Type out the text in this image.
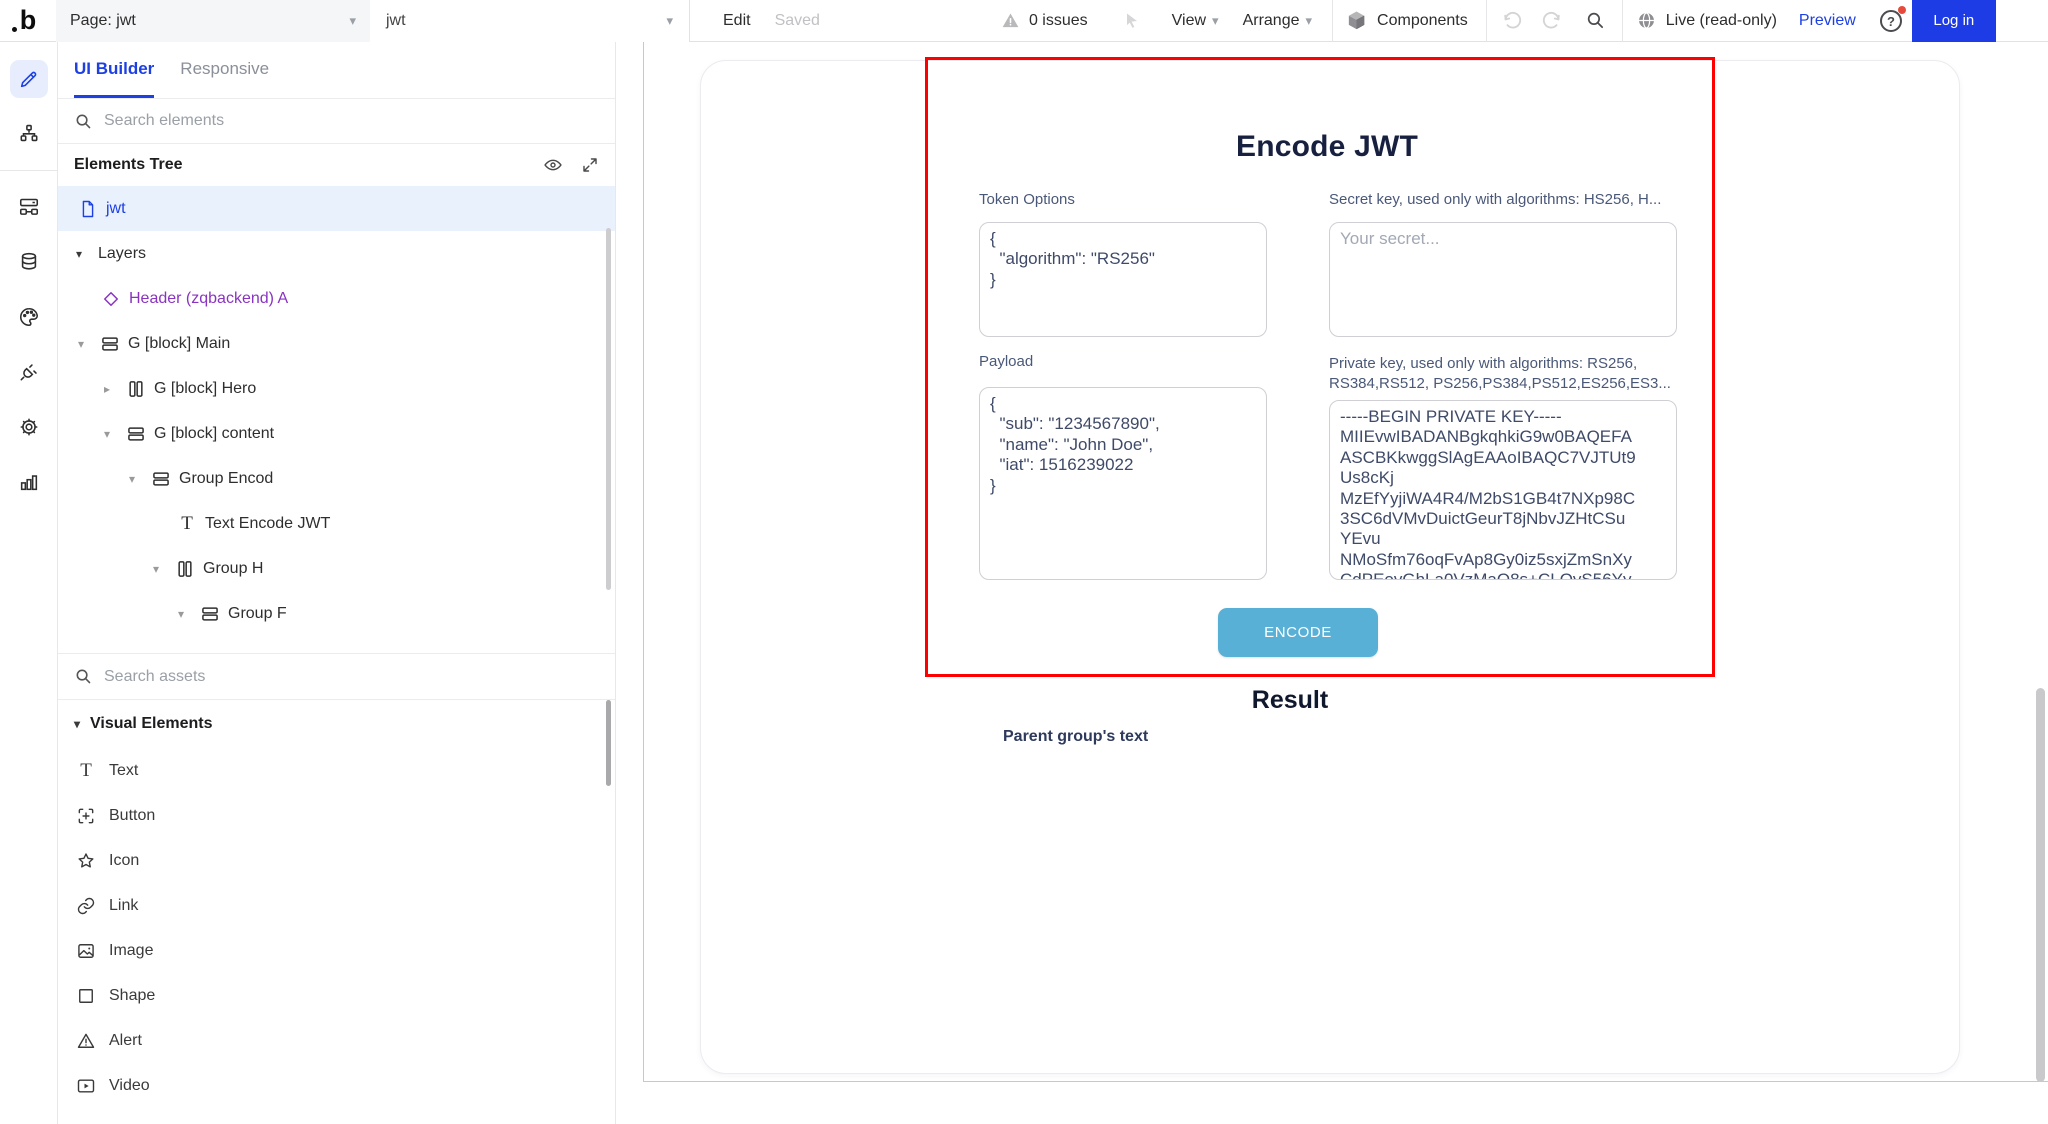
b Page: jwt	▾ jwt	▾	Edit Saved	0 issues	View ▾ Arrange ▾	Components	Live (read-only) Preview ?	Log in
UI Builder Responsive
Search elements
Elements Tree
jwt
▾ Layers
Header (zqbackend) A
▾	G [block] Main
▸	G [block] Hero
▾	G [block] content
▾	Group Encod
T Text Encode JWT
▾	Group H
▾	Group F
Search assets
▾ Visual Elements
T Text
Button
Icon
Link
Image
Shape
Alert
Video
Encode JWT
Token Options
{ "algorithm": "RS256" }	Secret key, used only with algorithms: HS256, H...
Your secret...
Payload
{ "sub": "1234567890", "name": "John Doe", "iat": 1516239022 }	Private key, used only with algorithms: RS256, RS384,RS512, PS256,PS384,PS512,ES256,ES3...
-----BEGIN PRIVATE KEY----- MIIEvwIBADANBgkqhkiG9w0BAQEFA ASCBKkwggSlAgEAAoIBAQC7VJTUt9 Us8cKj MzEfYyjiWA4R4/M2bS1GB4t7NXp98C 3SC6dVMvDuictGeurT8jNbvJZHtCSu YEvu NMoSfm76oqFvAp8Gy0iz5sxjZmSnXy CdPEovGhLa0VzMaQ8s+CLOyS56Yy CFGeJZ
ENCODE
Result
Parent group's text
